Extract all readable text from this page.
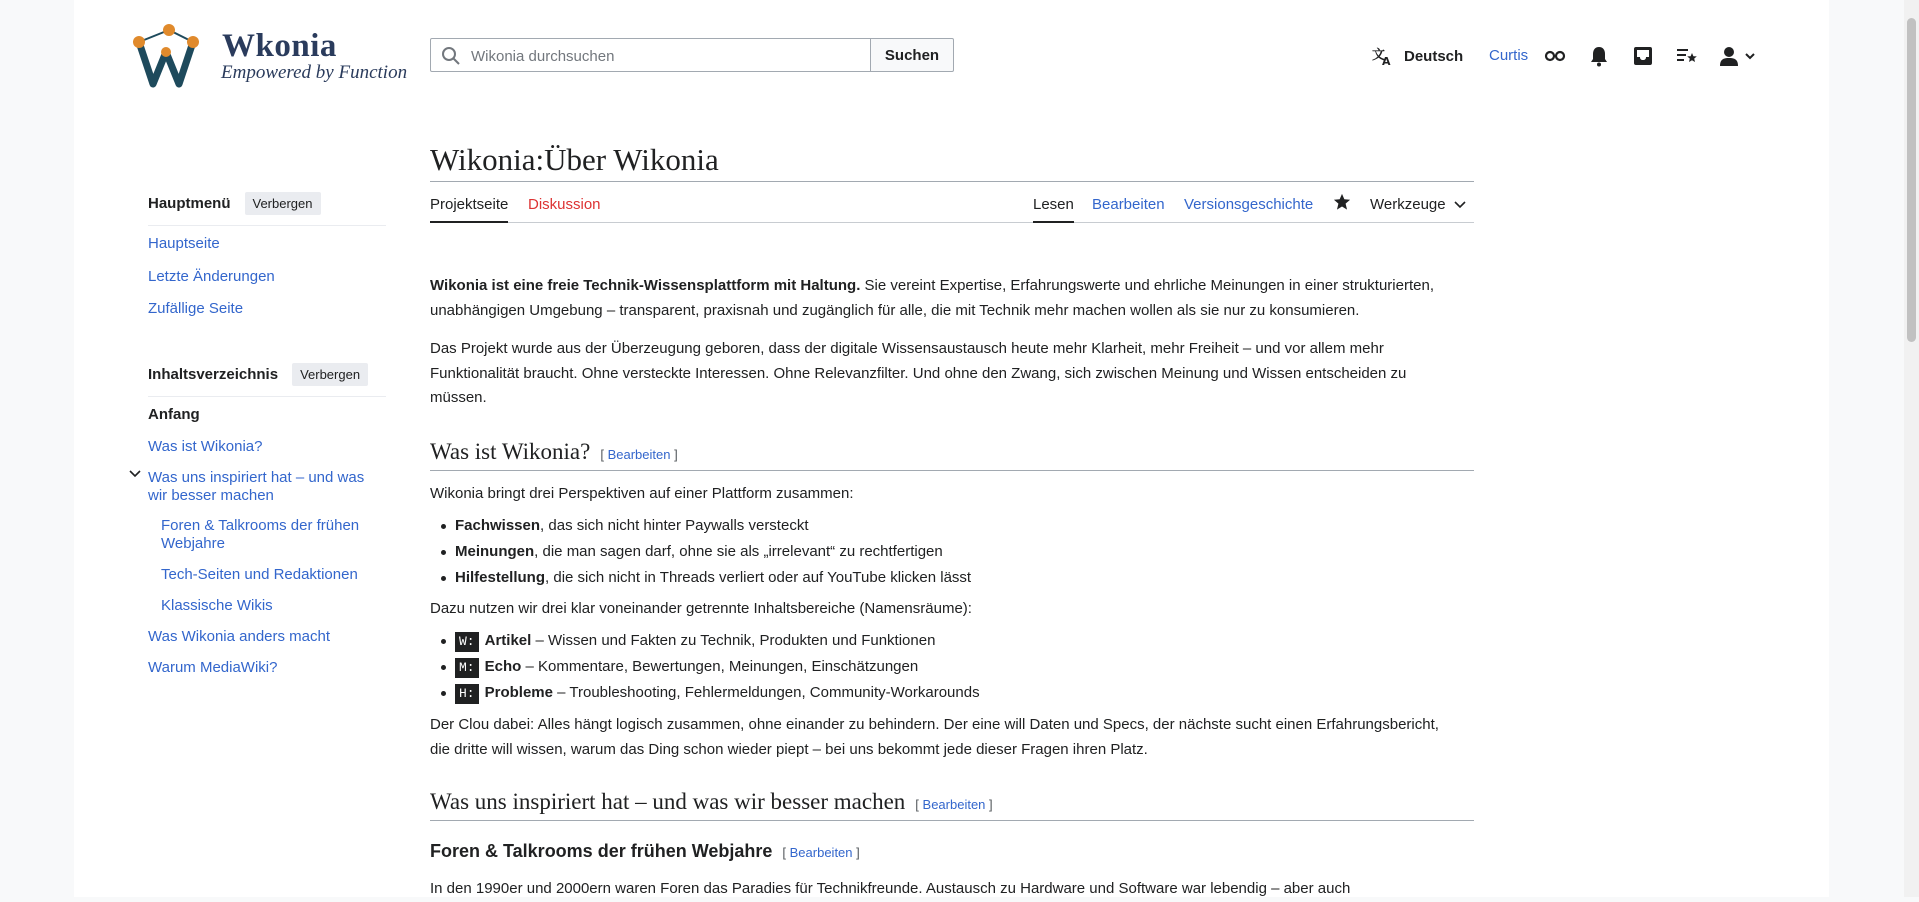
Wkonia
Empowered by Function
Wikonia durchsuchen
Suchen	文
A Deutsch Curtis
Hauptmenü	Verbergen
Hauptseite
Letzte Änderungen
Zufällige Seite
Inhaltsverzeichnis	Verbergen
Anfang
Was ist Wikonia?
Was uns inspiriert hat – und was
wir besser machen
Foren & Talkrooms der frühen
Webjahre
Tech-Seiten und Redaktionen
Klassische Wikis
Was Wikonia anders macht
Warum MediaWiki?
Wikonia:Über Wikonia
Projektseite Diskussion	Lesen Bearbeiten Versionsgeschichte	Werkzeuge

Wikonia ist eine freie Technik-Wissensplattform mit Haltung. Sie vereint Expertise, Erfahrungswerte und ehrliche Meinungen in einer strukturierten,
unabhängigen Umgebung – transparent, praxisnah und zugänglich für alle, die mit Technik mehr machen wollen als sie nur zu konsumieren.

Das Projekt wurde aus der Überzeugung geboren, dass der digitale Wissensaustausch heute mehr Klarheit, mehr Freiheit – und vor allem mehr
Funktionalität braucht. Ohne versteckte Interessen. Ohne Relevanzfilter. Und ohne den Zwang, sich zwischen Meinung und Wissen entscheiden zu
müssen.

Was ist Wikonia? [ Bearbeiten ]

Wikonia bringt drei Perspektiven auf einer Plattform zusammen:

Fachwissen, das sich nicht hinter Paywalls versteckt
Meinungen, die man sagen darf, ohne sie als „irrelevant“ zu rechtfertigen
Hilfestellung, die sich nicht in Threads verliert oder auf YouTube klicken lässt

Dazu nutzen wir drei klar voneinander getrennte Inhaltsbereiche (Namensräume):

W: Artikel – Wissen und Fakten zu Technik, Produkten und Funktionen
M: Echo – Kommentare, Bewertungen, Meinungen, Einschätzungen
H: Probleme – Troubleshooting, Fehlermeldungen, Community-Workarounds

Der Clou dabei: Alles hängt logisch zusammen, ohne einander zu behindern. Der eine will Daten und Specs, der nächste sucht einen Erfahrungsbericht,
die dritte will wissen, warum das Ding schon wieder piept – bei uns bekommt jede dieser Fragen ihren Platz.

Was uns inspiriert hat – und was wir besser machen [ Bearbeiten ]
Foren & Talkrooms der frühen Webjahre [ Bearbeiten ]

In den 1990er und 2000ern waren Foren das Paradies für Technikfreunde. Austausch zu Hardware und Software war lebendig – aber auch
